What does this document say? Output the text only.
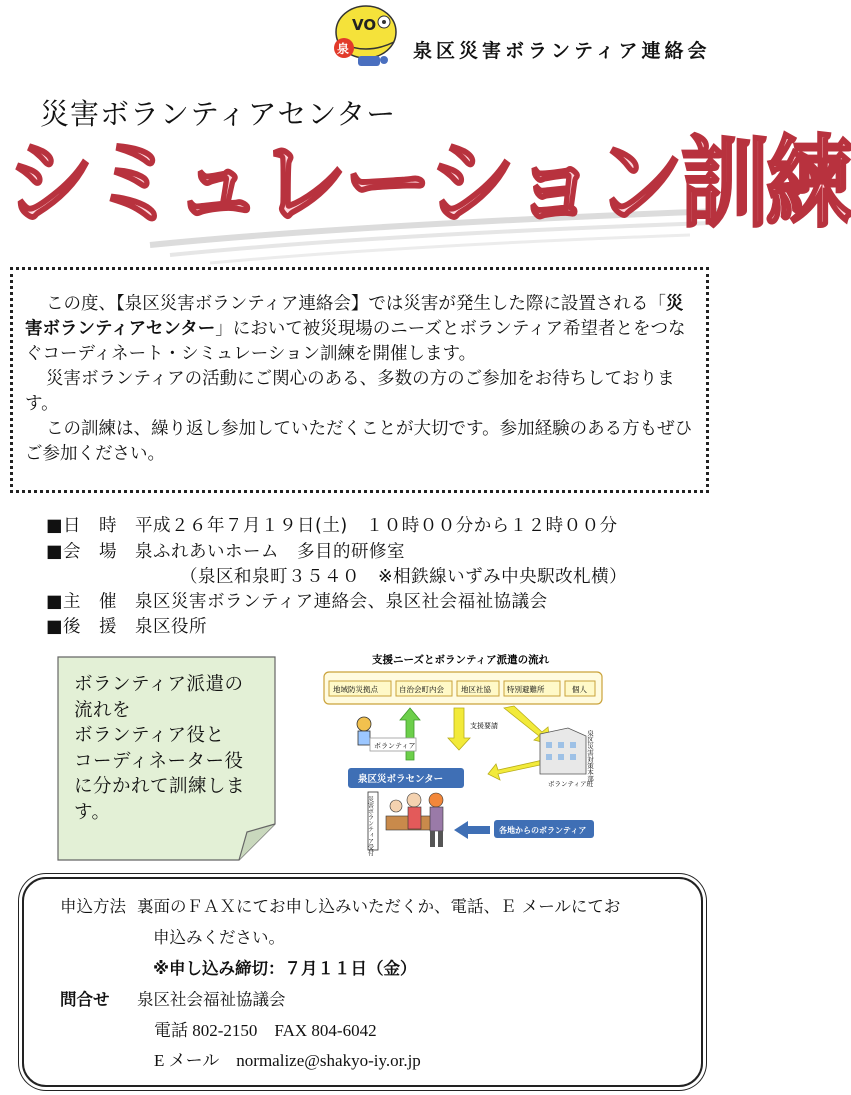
VO
泉	泉区災害ボランティア連絡会
災害ボランティアセンター
シミュレーション訓練

この度、【泉区災害ボランティア連絡会】では災害が発生した際に設置される「災害ボランティアセンター」において被災現場のニーズとボランティア希望者とをつなぐコーディネート・シミュレーション訓練を開催します。

災害ボランティアの活動にご関心のある、多数の方のご参加をお待ちしております。

この訓練は、繰り返し参加していただくことが大切です。参加経験のある方もぜひご参加ください。

■日　時　平成２６年７月１９日(土)　１０時００分から１２時００分
■会　場　泉ふれあいホーム　多目的研修室
（泉区和泉町３５４０　※相鉄線いずみ中央駅改札横）
■主　催　泉区災害ボランティア連絡会、泉区社会福祉協議会
■後　援　泉区役所
ボランティア派遣の
流れを
ボランティア役と
コーディネーター役
に分かれて訓練しま
す。
支援ニーズとボランティア派遣の流れ
地域防災拠点	自治会町内会 地区社協 特別避難所	個人
支援要請
ボランティア
泉区災ボラセンター	泉区災害対策本部
ボランティア班
災害ボランティア受付	各地からのボランティア
申込方法 裏面のＦＡＸにてお申し込みいただくか、電話、Ｅ メールにてお
申込みください。
※申し込み締切：７月１１日（金）
問合せ 泉区社会福祉協議会
電話 802-2150　FAX 804-6042
E メール　normalize@shakyo-iy.or.jp
